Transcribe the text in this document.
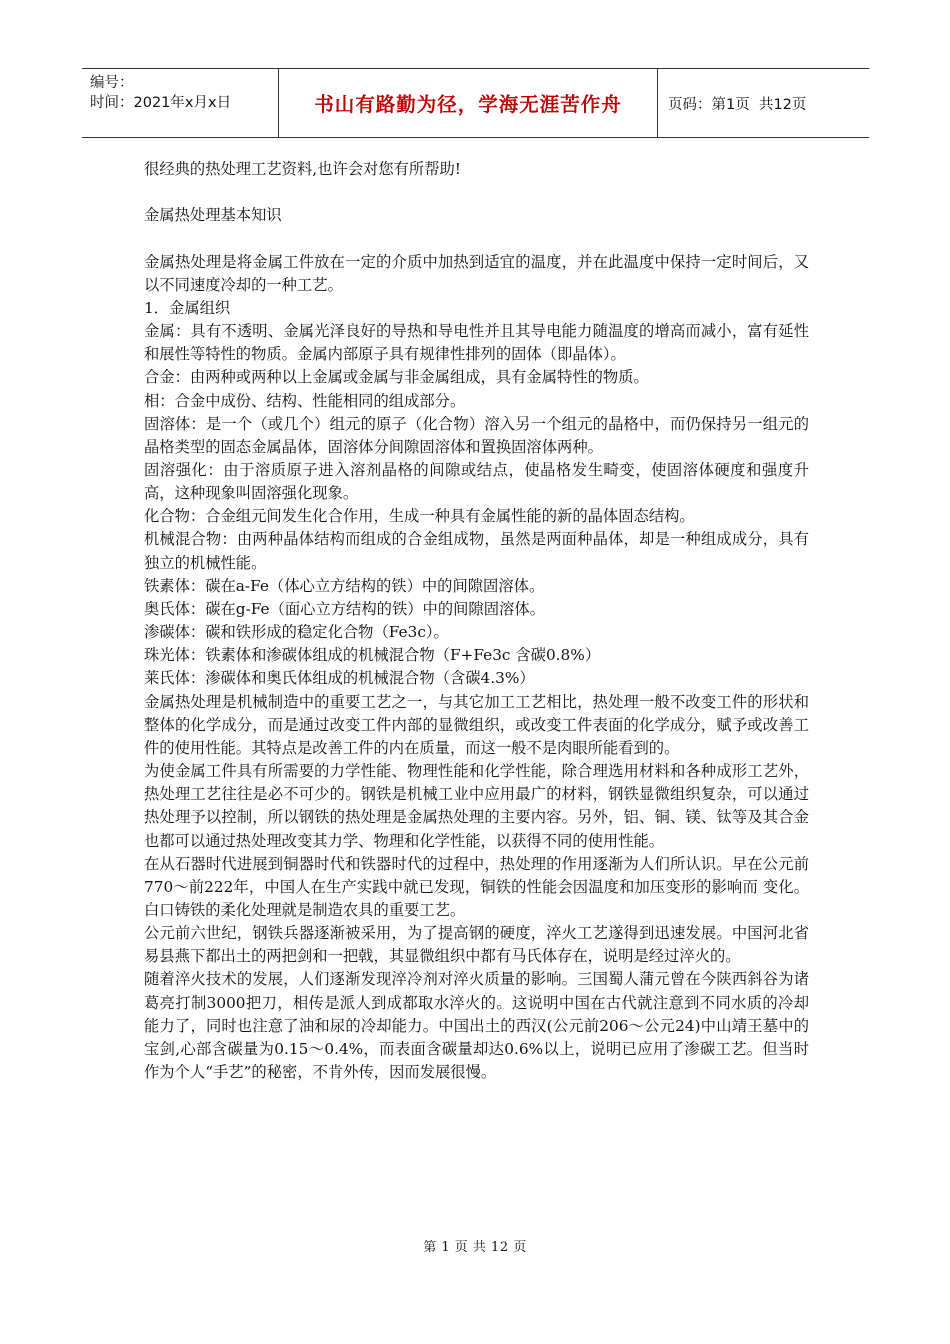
编号：
时间：2021年x月x日	书山有路勤为径，学海无涯苦作舟	页码：第1页  共12页

很经典的热处理工艺资料,也许会对您有所帮助!

金属热处理基本知识

金属热处理是将金属工件放在一定的介质中加热到适宜的温度，并在此温度中保持一定时间后，又以不同速度冷却的一种工艺。

1．金属组织

金属：具有不透明、金属光泽良好的导热和导电性并且其导电能力随温度的增高而减小，富有延性和展性等特性的物质。金属内部原子具有规律性排列的固体（即晶体）。

合金：由两种或两种以上金属或金属与非金属组成，具有金属特性的物质。

相：合金中成份、结构、性能相同的组成部分。

固溶体：是一个（或几个）组元的原子（化合物）溶入另一个组元的晶格中，而仍保持另一组元的晶格类型的固态金属晶体，固溶体分间隙固溶体和置换固溶体两种。

固溶强化：由于溶质原子进入溶剂晶格的间隙或结点，使晶格发生畸变，使固溶体硬度和强度升高，这种现象叫固溶强化现象。

化合物：合金组元间发生化合作用，生成一种具有金属性能的新的晶体固态结构。

机械混合物：由两种晶体结构而组成的合金组成物，虽然是两面种晶体，却是一种组成成分，具有独立的机械性能。

铁素体：碳在a-Fe（体心立方结构的铁）中的间隙固溶体。

奥氏体：碳在g-Fe（面心立方结构的铁）中的间隙固溶体。

渗碳体：碳和铁形成的稳定化合物（Fe3c）。

珠光体：铁素体和渗碳体组成的机械混合物（F+Fe3c 含碳0.8%）

莱氏体：渗碳体和奥氏体组成的机械混合物（含碳4.3%）

金属热处理是机械制造中的重要工艺之一，与其它加工工艺相比，热处理一般不改变工件的形状和整体的化学成分，而是通过改变工件内部的显微组织，或改变工件表面的化学成分，赋予或改善工件的使用性能。其特点是改善工件的内在质量，而这一般不是肉眼所能看到的。

为使金属工件具有所需要的力学性能、物理性能和化学性能，除合理选用材料和各种成形工艺外，热处理工艺往往是必不可少的。钢铁是机械工业中应用最广的材料，钢铁显微组织复杂，可以通过热处理予以控制，所以钢铁的热处理是金属热处理的主要内容。另外，铝、铜、镁、钛等及其合金也都可以通过热处理改变其力学、物理和化学性能，以获得不同的使用性能。

在从石器时代进展到铜器时代和铁器时代的过程中，热处理的作用逐渐为人们所认识。早在公元前770～前222年，中国人在生产实践中就已发现，铜铁的性能会因温度和加压变形的影响而 变化。白口铸铁的柔化处理就是制造农具的重要工艺。

公元前六世纪，钢铁兵器逐渐被采用，为了提高钢的硬度，淬火工艺遂得到迅速发展。中国河北省易县燕下都出土的两把剑和一把戟，其显微组织中都有马氏体存在，说明是经过淬火的。

随着淬火技术的发展，人们逐渐发现淬冷剂对淬火质量的影响。三国蜀人蒲元曾在今陕西斜谷为诸葛亮打制3000把刀，相传是派人到成都取水淬火的。这说明中国在古代就注意到不同水质的冷却能力了，同时也注意了油和尿的冷却能力。中国出土的西汉(公元前206～公元24)中山靖王墓中的宝剑,心部含碳量为0.15～0.4%，而表面含碳量却达0.6%以上，说明已应用了渗碳工艺。但当时作为个人“手艺”的秘密，不肯外传，因而发展很慢。

第 1 页 共 12 页
